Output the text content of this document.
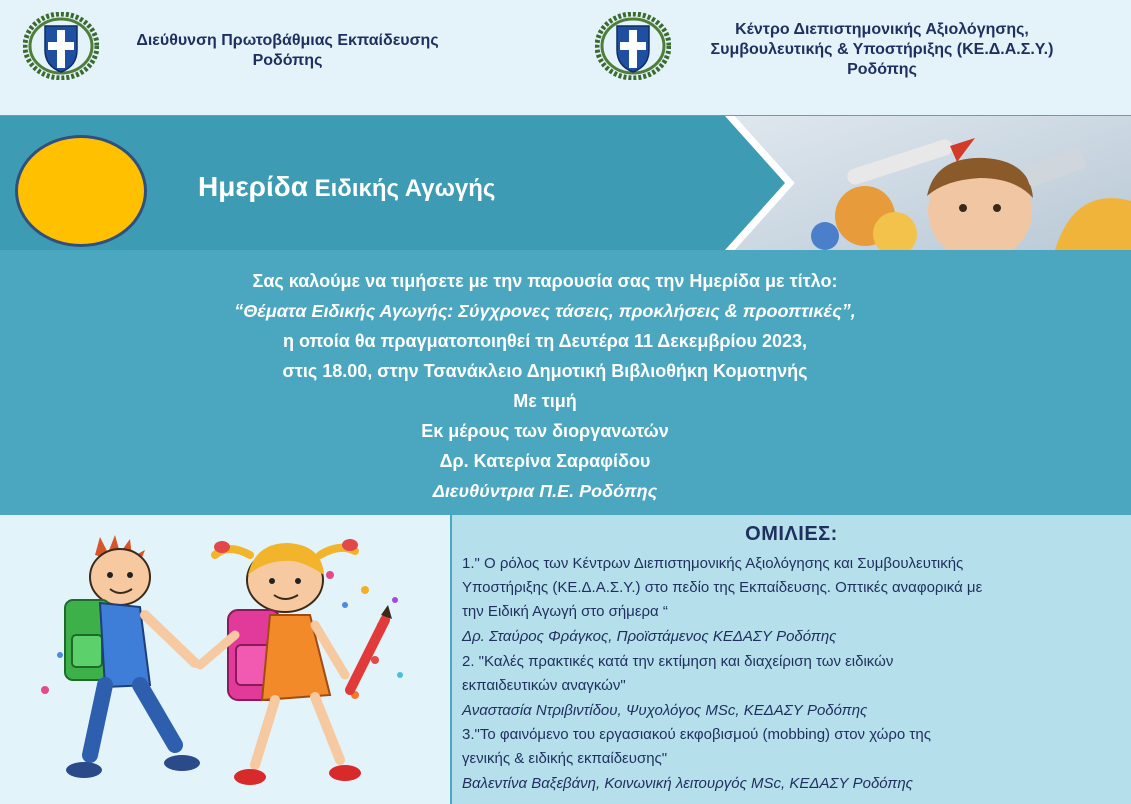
Διεύθυνση Πρωτοβάθμιας Εκπαίδευσης
Ροδόπης
Κέντρο Διεπιστημονικής Αξιολόγησης,
Συμβουλευτικής & Υποστήριξης (ΚΕ.Δ.Α.Σ.Υ.)
Ροδόπης
Ημερίδα Ειδικής Αγωγής
Σας καλούμε να τιμήσετε με την παρουσία σας την Ημερίδα με τίτλο:
“Θέματα Ειδικής Αγωγής: Σύγχρονες τάσεις, προκλήσεις & προοπτικές”,
η οποία θα πραγματοποιηθεί τη Δευτέρα 11 Δεκεμβρίου 2023,
στις 18.00, στην Τσανάκλειο Δημοτική Βιβλιοθήκη Κομοτηνής
Με τιμή
Εκ μέρους των διοργανωτών
Δρ. Κατερίνα Σαραφίδου
Διευθύντρια Π.Ε. Ροδόπης
ΟΜΙΛΙΕΣ:
1." Ο ρόλος των Κέντρων Διεπιστημονικής Αξιολόγησης και Συμβουλευτικής
Υποστήριξης (ΚΕ.Δ.Α.Σ.Υ.) στο πεδίο της Εκπαίδευσης. Οπτικές αναφορικά με
την Ειδική Αγωγή στο σήμερα “
Δρ. Σταύρος Φράγκος, Προϊστάμενος ΚΕΔΑΣΥ Ροδόπης
2. "Καλές πρακτικές κατά την εκτίμηση και διαχείριση των ειδικών
εκπαιδευτικών αναγκών"
Αναστασία Ντριβιντίδου, Ψυχολόγος MSc, ΚΕΔΑΣΥ Ροδόπης
3."Το φαινόμενο του εργασιακού εκφοβισμού (mobbing) στον χώρο της
γενικής & ειδικής εκπαίδευσης"
Βαλεντίνα Βαξεβάνη, Κοινωνική λειτουργός MSc, ΚΕΔΑΣΥ Ροδόπης
